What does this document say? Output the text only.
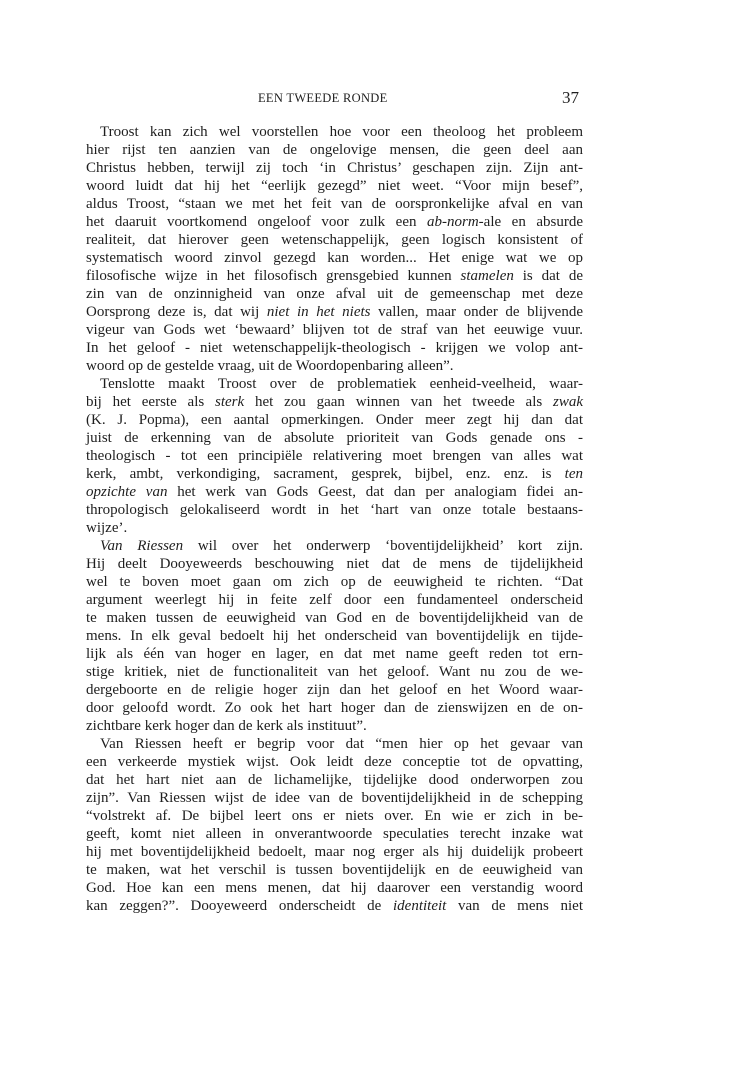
EEN TWEEDE RONDE	37
Troost kan zich wel voorstellen hoe voor een theoloog het probleem
hier rijst ten aanzien van de ongelovige mensen, die geen deel aan
Christus hebben, terwijl zij toch ‘in Christus’ geschapen zijn. Zijn ant-
woord luidt dat hij het “eerlijk gezegd” niet weet. “Voor mijn besef”,
aldus Troost, “staan we met het feit van de oorspronkelijke afval en van
het daaruit voortkomend ongeloof voor zulk een ab-norm-ale en absurde
realiteit, dat hierover geen wetenschappelijk, geen logisch konsistent of
systematisch woord zinvol gezegd kan worden... Het enige wat we op
filosofische wijze in het filosofisch grensgebied kunnen stamelen is dat de
zin van de onzinnigheid van onze afval uit de gemeenschap met deze
Oorsprong deze is, dat wij niet in het niets vallen, maar onder de blijvende
vigeur van Gods wet ‘bewaard’ blijven tot de straf van het eeuwige vuur.
In het geloof - niet wetenschappelijk-theologisch - krijgen we volop ant-
woord op de gestelde vraag, uit de Woordopenbaring alleen”.
Tenslotte maakt Troost over de problematiek eenheid-veelheid, waar-
bij het eerste als sterk het zou gaan winnen van het tweede als zwak
(K. J. Popma), een aantal opmerkingen. Onder meer zegt hij dan dat
juist de erkenning van de absolute prioriteit van Gods genade ons -
theologisch - tot een principiële relativering moet brengen van alles wat
kerk, ambt, verkondiging, sacrament, gesprek, bijbel, enz. enz. is ten
opzichte van het werk van Gods Geest, dat dan per analogiam fidei an-
thropologisch gelokaliseerd wordt in het ‘hart van onze totale bestaans-
wijze’.
Van Riessen wil over het onderwerp ‘boventijdelijkheid’ kort zijn.
Hij deelt Dooyeweerds beschouwing niet dat de mens de tijdelijkheid
wel te boven moet gaan om zich op de eeuwigheid te richten. “Dat
argument weerlegt hij in feite zelf door een fundamenteel onderscheid
te maken tussen de eeuwigheid van God en de boventijdelijkheid van de
mens. In elk geval bedoelt hij het onderscheid van boventijdelijk en tijde-
lijk als één van hoger en lager, en dat met name geeft reden tot ern-
stige kritiek, niet de functionaliteit van het geloof. Want nu zou de we-
dergeboorte en de religie hoger zijn dan het geloof en het Woord waar-
door geloofd wordt. Zo ook het hart hoger dan de zienswijzen en de on-
zichtbare kerk hoger dan de kerk als instituut”.
Van Riessen heeft er begrip voor dat “men hier op het gevaar van
een verkeerde mystiek wijst. Ook leidt deze conceptie tot de opvatting,
dat het hart niet aan de lichamelijke, tijdelijke dood onderworpen zou
zijn”. Van Riessen wijst de idee van de boventijdelijkheid in de schepping
“volstrekt af. De bijbel leert ons er niets over. En wie er zich in be-
geeft, komt niet alleen in onverantwoorde speculaties terecht inzake wat
hij met boventijdelijkheid bedoelt, maar nog erger als hij duidelijk probeert
te maken, wat het verschil is tussen boventijdelijk en de eeuwigheid van
God. Hoe kan een mens menen, dat hij daarover een verstandig woord
kan zeggen?”. Dooyeweerd onderscheidt de identiteit van de mens niet
